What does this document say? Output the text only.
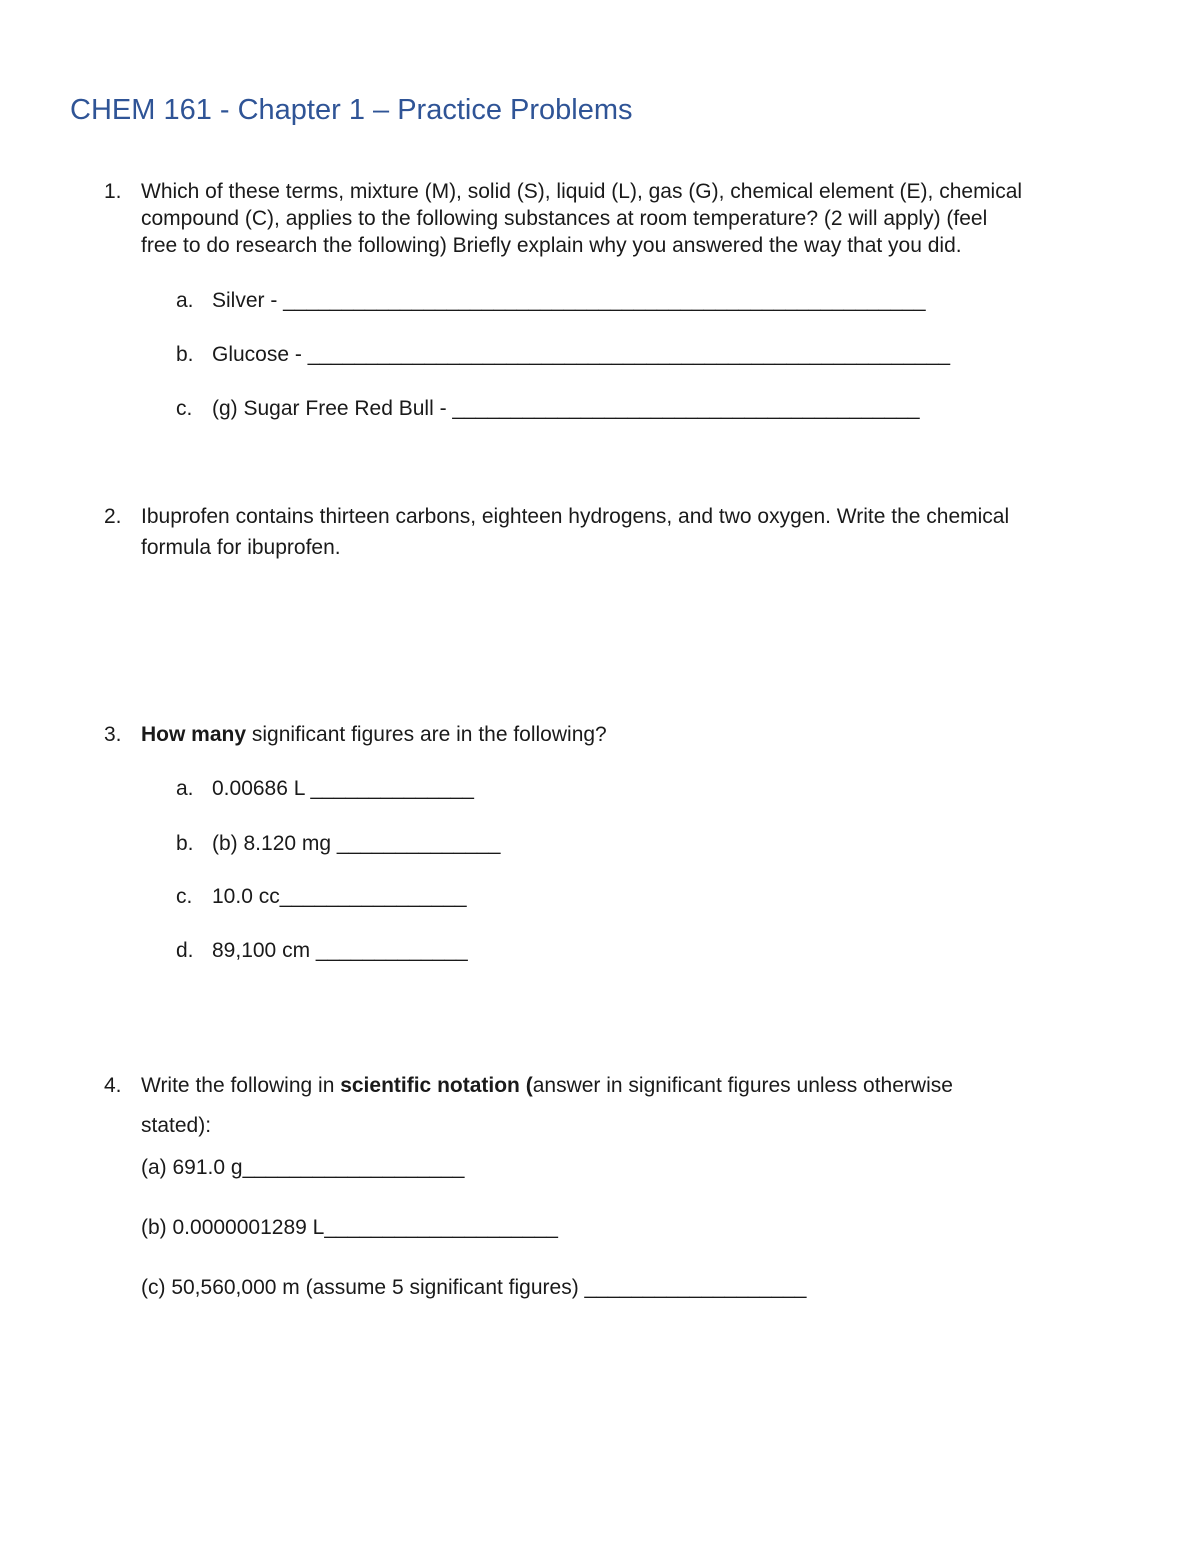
CHEM 161 - Chapter 1 – Practice Problems
1. Which of these terms, mixture (M), solid (S), liquid (L), gas (G), chemical element (E), chemical
compound (C), applies to the following substances at room temperature? (2 will apply) (feel
free to do research the following) Briefly explain why you answered the way that you did.
a. Silver - _______________________________________________________
b. Glucose - _______________________________________________________
c. (g) Sugar Free Red Bull - ________________________________________
2. Ibuprofen contains thirteen carbons, eighteen hydrogens, and two oxygen. Write the chemical
formula for ibuprofen.
3. How many significant figures are in the following?
a. 0.00686 L ______________
b. (b) 8.120 mg ______________
c. 10.0 cc________________
d. 89,100 cm _____________
4. Write the following in scientific notation (answer in significant figures unless otherwise
stated):
(a) 691.0 g___________________
(b) 0.0000001289 L____________________
(c) 50,560,000 m (assume 5 significant figures) ___________________
